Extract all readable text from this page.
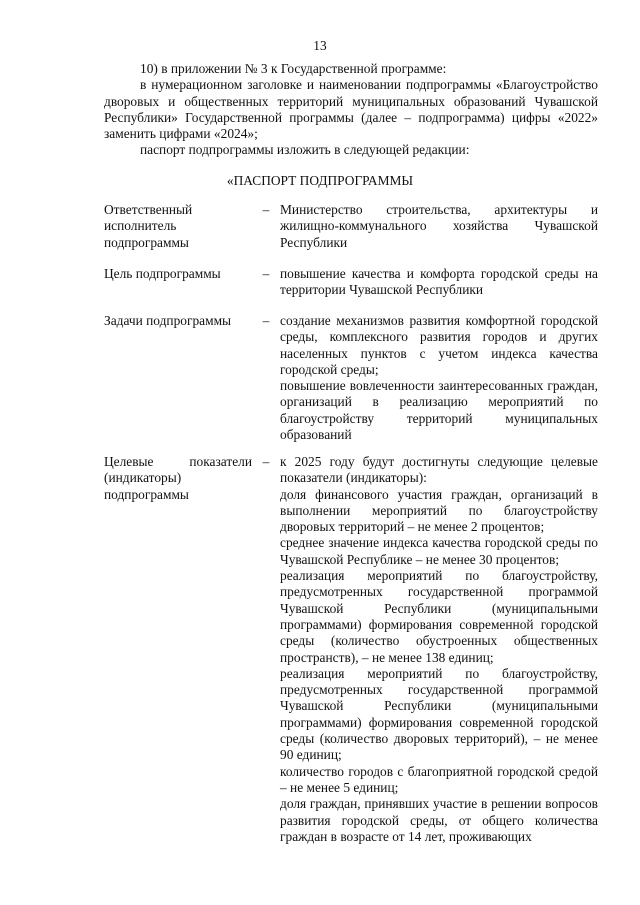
13
10) в приложении № 3 к Государственной программе:
в нумерационном заголовке и наименовании подпрограммы «Благоустройство дворовых и общественных территорий муниципальных образований Чувашской Республики» Государственной программы (далее – подпрограмма) цифры «2022» заменить цифрами «2024»;
паспорт подпрограммы изложить в следующей редакции:
«ПАСПОРТ ПОДПРОГРАММЫ
Ответственный исполнитель подпрограммы
– Министерство строительства, архитектуры и жилищно-коммунального хозяйства Чувашской Республики
Цель подпрограммы	– повышение качества и комфорта городской среды на территории Чувашской Республики
Задачи подпрограммы	– создание механизмов развития комфортной городской среды, комплексного развития городов и других населенных пунктов с учетом индекса качества городской среды;
повышение вовлеченности заинтересованных граждан, организаций в реализацию мероприятий по благоустройству территорий муниципальных образований
Целевые показатели (индикаторы) подпрограммы
– к 2025 году будут достигнуты следующие целевые показатели (индикаторы):
доля финансового участия граждан, организаций в выполнении мероприятий по благоустройству дворовых территорий – не менее 2 процентов;
среднее значение индекса качества городской среды по Чувашской Республике – не менее 30 процентов;
реализация мероприятий по благоустройству, предусмотренных государственной программой Чувашской Республики (муниципальными программами) формирования современной городской среды (количество обустроенных общественных пространств), – не менее 138 единиц;
реализация мероприятий по благоустройству, предусмотренных государственной программой Чувашской Республики (муниципальными программами) формирования современной городской среды (количество дворовых территорий), – не менее 90 единиц;
количество городов с благоприятной городской средой – не менее 5 единиц;
доля граждан, принявших участие в решении вопросов развития городской среды, от общего количества граждан в возрасте от 14 лет, проживающих
